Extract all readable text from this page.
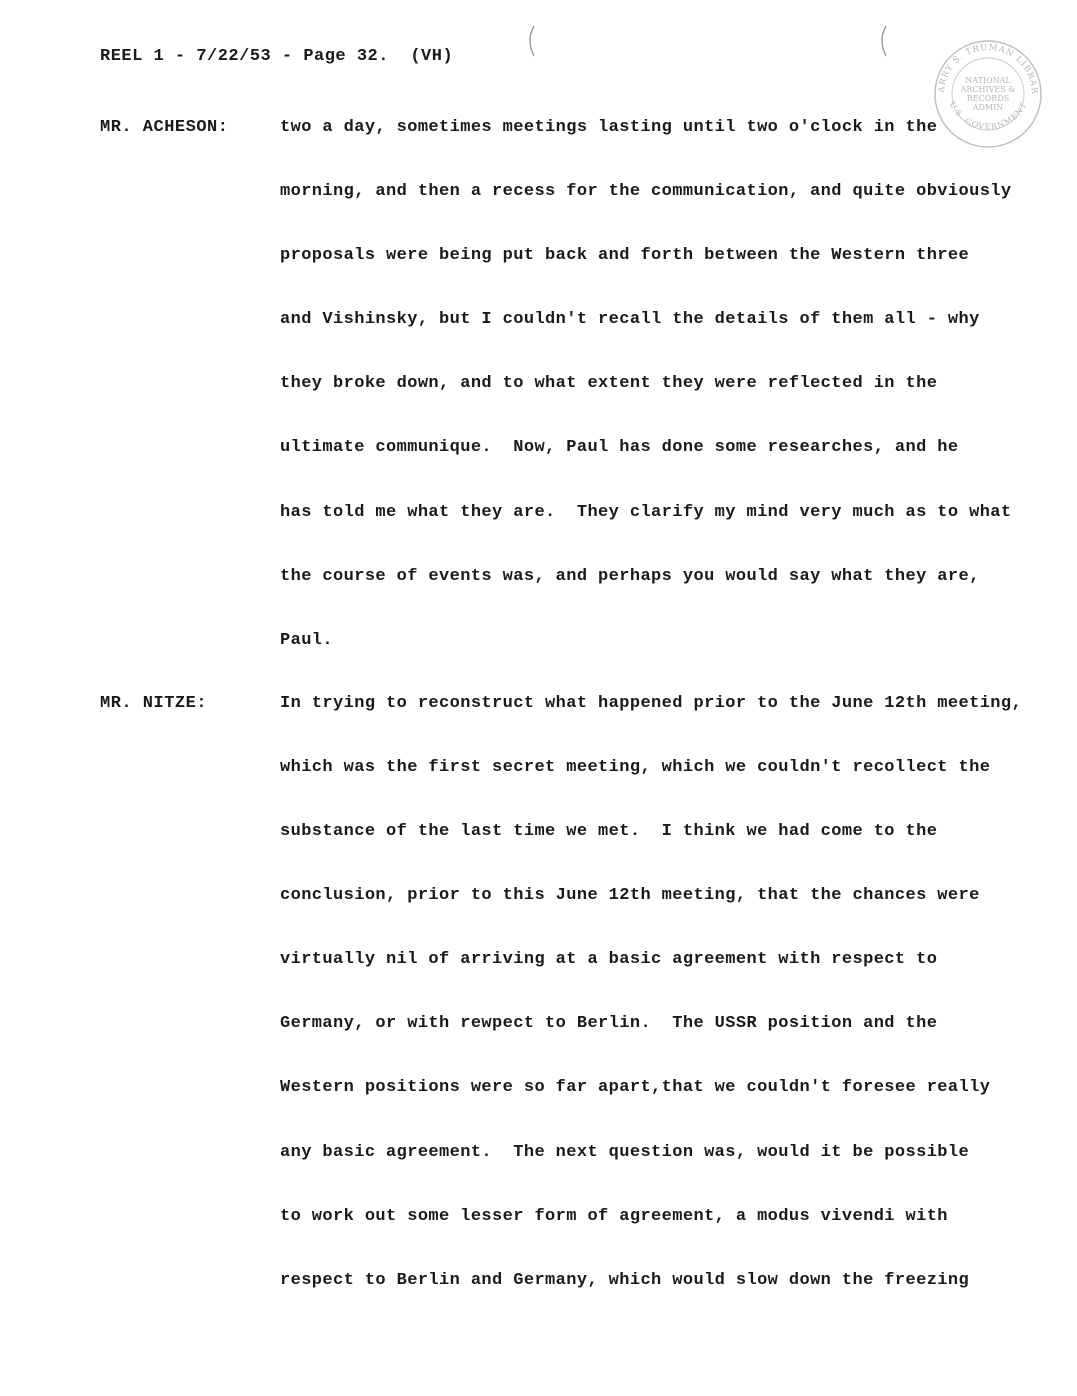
REEL 1 - 7/22/53 - Page 32.  (VH)
ARRY S. TRUMAN LIBRAR
U.S. GOVERNMENT
NATIONAL
ARCHIVES &
RECORDS
ADMIN
MR. ACHESON:	two a day, sometimes meetings lasting until two o'clock in the
morning, and then a recess for the communication, and quite obviously
proposals were being put back and forth between the Western three
and Vishinsky, but I couldn't recall the details of them all - why
they broke down, and to what extent they were reflected in the
ultimate communique.  Now, Paul has done some researches, and he
has told me what they are.  They clarify my mind very much as to what
the course of events was, and perhaps you would say what they are,
Paul.
MR. NITZE:	In trying to reconstruct what happened prior to the June 12th meeting,
which was the first secret meeting, which we couldn't recollect the
substance of the last time we met.  I think we had come to the
conclusion, prior to this June 12th meeting, that the chances were
virtually nil of arriving at a basic agreement with respect to
Germany, or with rewpect to Berlin.  The USSR position and the
Western positions were so far apart,that we couldn't foresee really
any basic agreement.  The next question was, would it be possible
to work out some lesser form of agreement, a modus vivendi with
respect to Berlin and Germany, which would slow down the freezing
